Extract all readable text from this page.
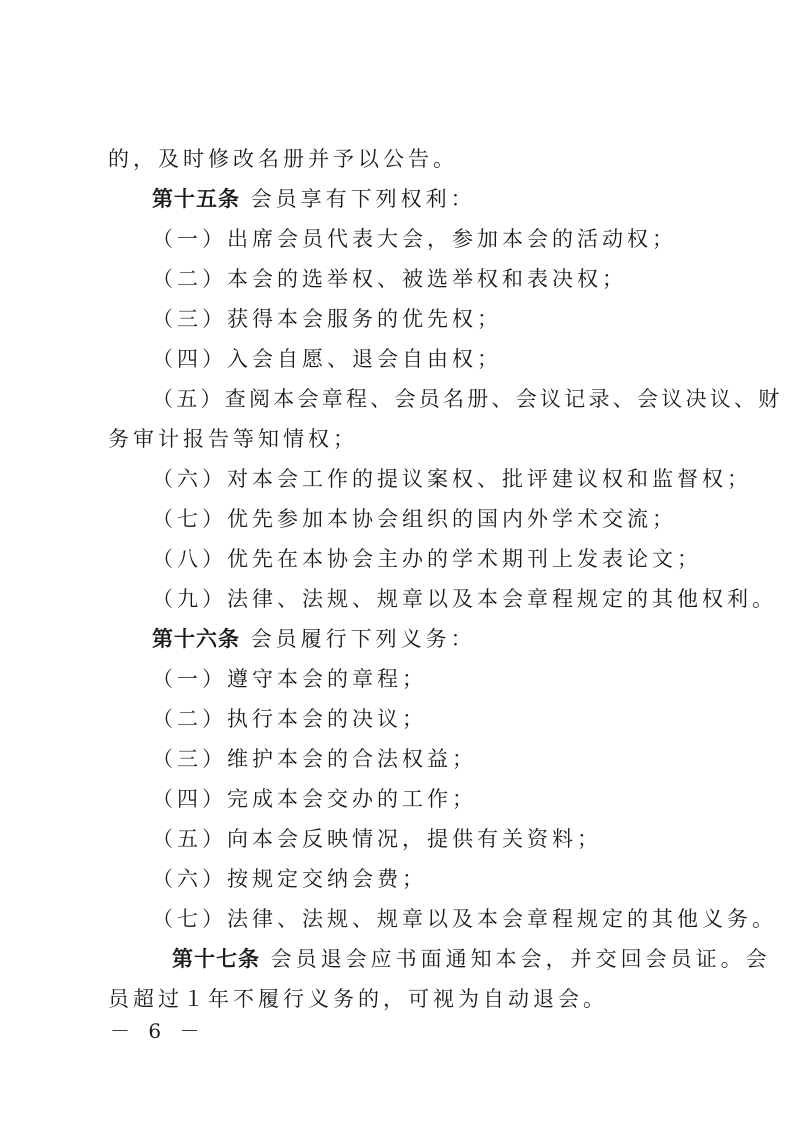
的，及时修改名册并予以公告。
第十五条 会员享有下列权利：
（一）出席会员代表大会，参加本会的活动权；
（二）本会的选举权、被选举权和表决权；
（三）获得本会服务的优先权；
（四）入会自愿、退会自由权；
（五）查阅本会章程、会员名册、会议记录、会议决议、财
务审计报告等知情权；
（六）对本会工作的提议案权、批评建议权和监督权；
（七）优先参加本协会组织的国内外学术交流；
（八）优先在本协会主办的学术期刊上发表论文；
（九）法律、法规、规章以及本会章程规定的其他权利。
第十六条 会员履行下列义务：
（一）遵守本会的章程；
（二）执行本会的决议；
（三）维护本会的合法权益；
（四）完成本会交办的工作；
（五）向本会反映情况，提供有关资料；
（六）按规定交纳会费；
（七）法律、法规、规章以及本会章程规定的其他义务。
第十七条 会员退会应书面通知本会，并交回会员证。会
员超过１年不履行义务的，可视为自动退会。
－ 6 －
